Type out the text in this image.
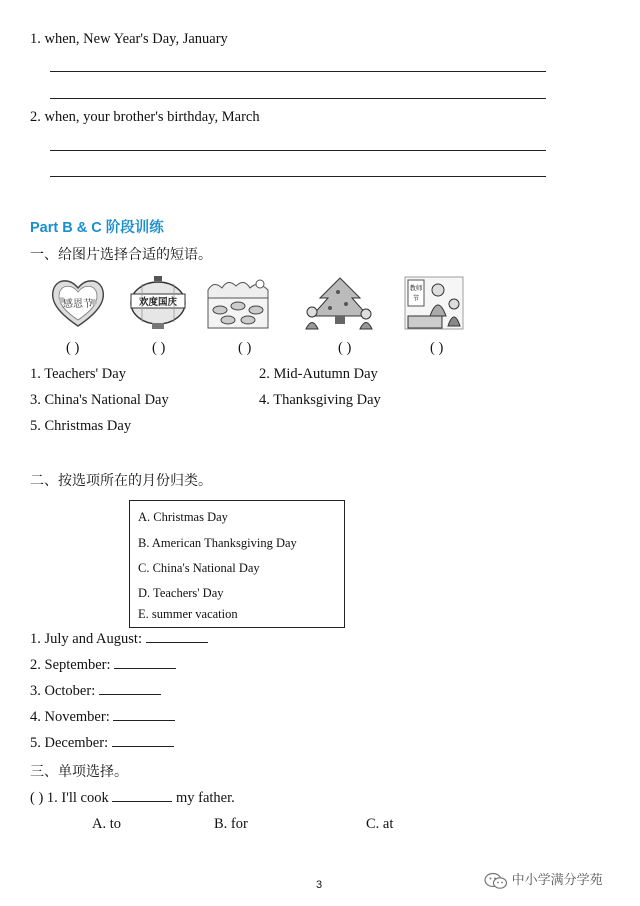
1. when, New Year's Day, January
2. when, your brother's birthday, March
Part B & C 阶段训练
一、给图片选择合适的短语。
感恩节	欢度国庆
教师
节
( )	( )	( )	( )	( )
1. Teachers' Day	2. Mid-Autumn Day
3. China's National Day	4. Thanksgiving Day
5. Christmas Day
二、按选项所在的月份归类。
A. Christmas Day
B. American Thanksgiving Day
C. China's National Day
D. Teachers' Day
E. summer vacation
1. July and August:
2. September:
3. October:
4. November:
5. December:
三、单项选择。
( ) 1. I'll cook	my father.
A. to	B. for	C. at
3	中小学满分学苑
